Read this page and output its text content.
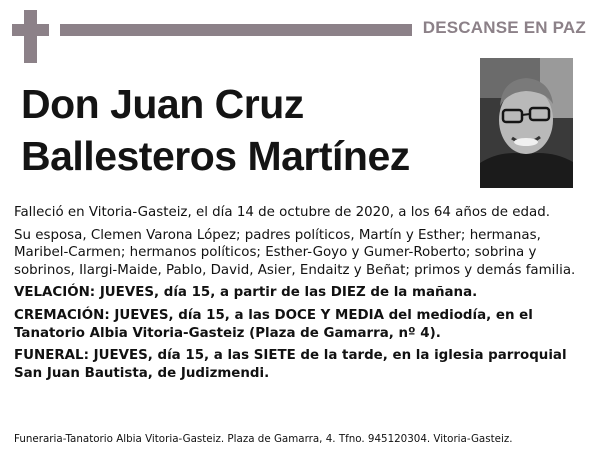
DESCANSE EN PAZ
Don Juan Cruz
Ballesteros Martínez

Falleció en Vitoria-Gasteiz, el día 14 de octubre de 2020, a los 64 años de edad.

Su esposa, Clemen Varona López; padres políticos, Martín y Esther; hermanas, Maribel-Carmen; hermanos políticos; Esther-Goyo y Gumer-Roberto; sobrina y sobrinos, Ilargi-Maide, Pablo, David, Asier, Endaitz y Beñat; primos y demás familia.

VELACIÓN: JUEVES, día 15, a partir de las DIEZ de la mañana.

CREMACIÓN: JUEVES, día 15, a las DOCE Y MEDIA del mediodía, en el Tanatorio Albia Vitoria-Gasteiz (Plaza de Gamarra, nº 4).

FUNERAL: JUEVES, día 15, a las SIETE de la tarde, en la iglesia parroquial San Juan Bautista, de Judizmendi.

Funeraria-Tanatorio Albia Vitoria-Gasteiz. Plaza de Gamarra, 4. Tfno. 945120304. Vitoria-Gasteiz.
